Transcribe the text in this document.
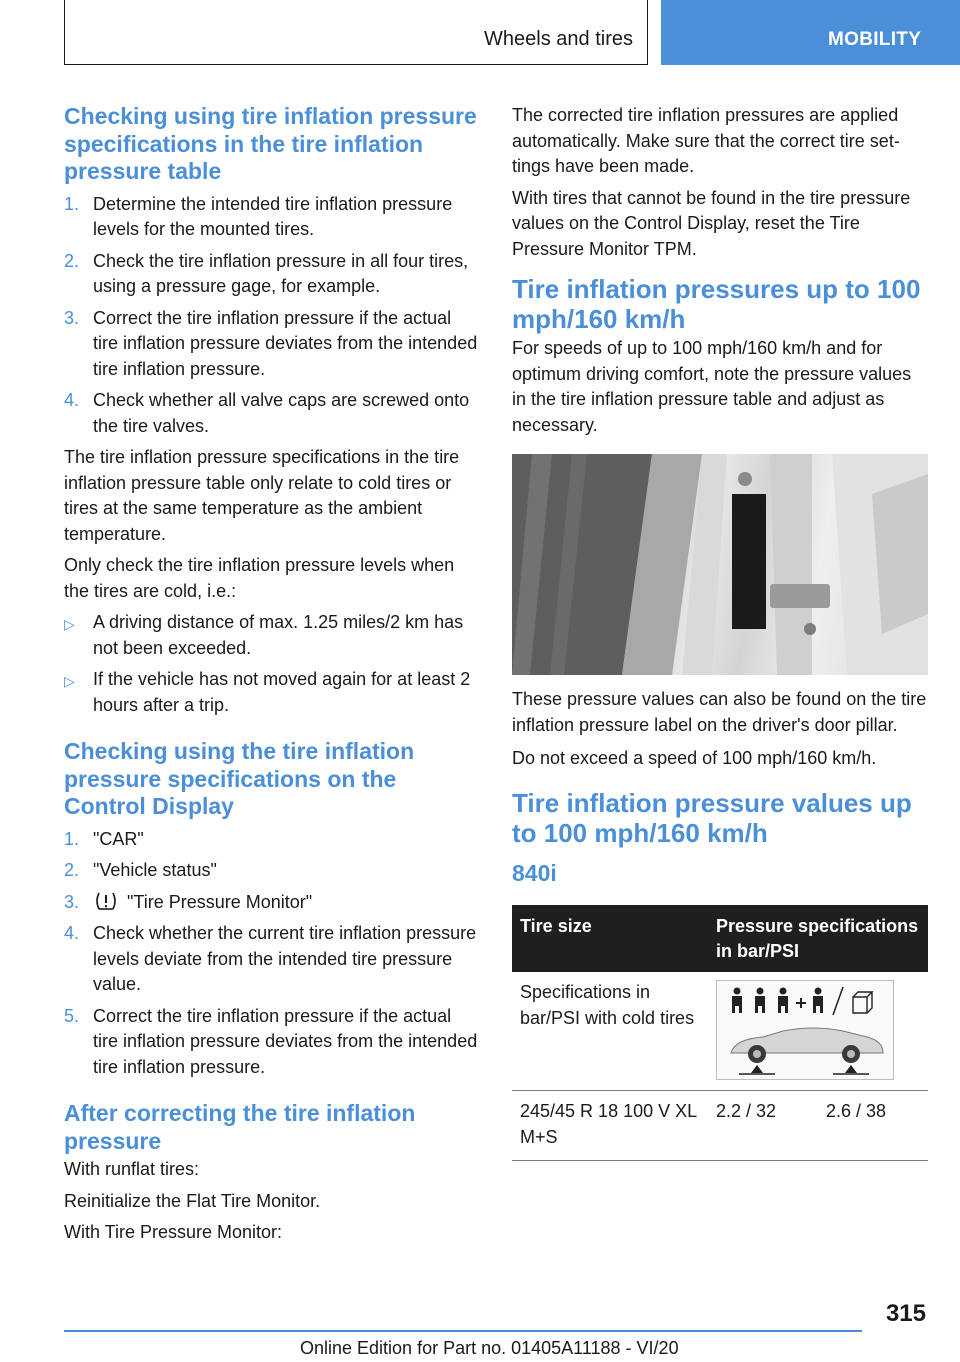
Wheels and tires	MOBILITY
Checking using tire inflation pressure specifications in the tire inflation pressure table
1. Determine the intended tire inflation pressure levels for the mounted tires.
2. Check the tire inflation pressure in all four tires, using a pressure gage, for example.
3. Correct the tire inflation pressure if the actual tire inflation pressure deviates from the intended tire inflation pressure.
4. Check whether all valve caps are screwed onto the tire valves.

The tire inflation pressure specifications in the tire inflation pressure table only relate to cold tires or tires at the same temperature as the ambient temperature.

Only check the tire inflation pressure levels when the tires are cold, i.e.:

▷	A driving distance of max. 1.25 miles/2 km has not been exceeded.
▷	If the vehicle has not moved again for at least 2 hours after a trip.
Checking using the tire inflation pressure specifications on the Control Display
1. "CAR"
2. "Vehicle status"
3.	"Tire Pressure Monitor"
4. Check whether the current tire inflation pressure levels deviate from the intended tire pressure value.
5. Correct the tire inflation pressure if the actual tire inflation pressure deviates from the intended tire inflation pressure.
After correcting the tire inflation pressure

With runflat tires:

Reinitialize the Flat Tire Monitor.

With Tire Pressure Monitor:

The corrected tire inflation pressures are applied automatically. Make sure that the correct tire settings have been made.

With tires that cannot be found in the tire pressure values on the Control Display, reset the Tire Pressure Monitor TPM.

Tire inflation pressures up to 100 mph/160 km/h

For speeds of up to 100 mph/160 km/h and for optimum driving comfort, note the pressure values in the tire inflation pressure table and adjust as necessary.

These pressure values can also be found on the tire inflation pressure label on the driver's door pillar.

Do not exceed a speed of 100 mph/160 km/h.

Tire inflation pressure values up to 100 mph/160 km/h
840i
Tire size	Pressure specifications in bar/PSI	
Specifications in bar/PSI with cold tires	

245/45 R 18 100 V XL M+S	2.2 / 32	2.6 / 38
315
Online Edition for Part no. 01405A11188 - VI/20
